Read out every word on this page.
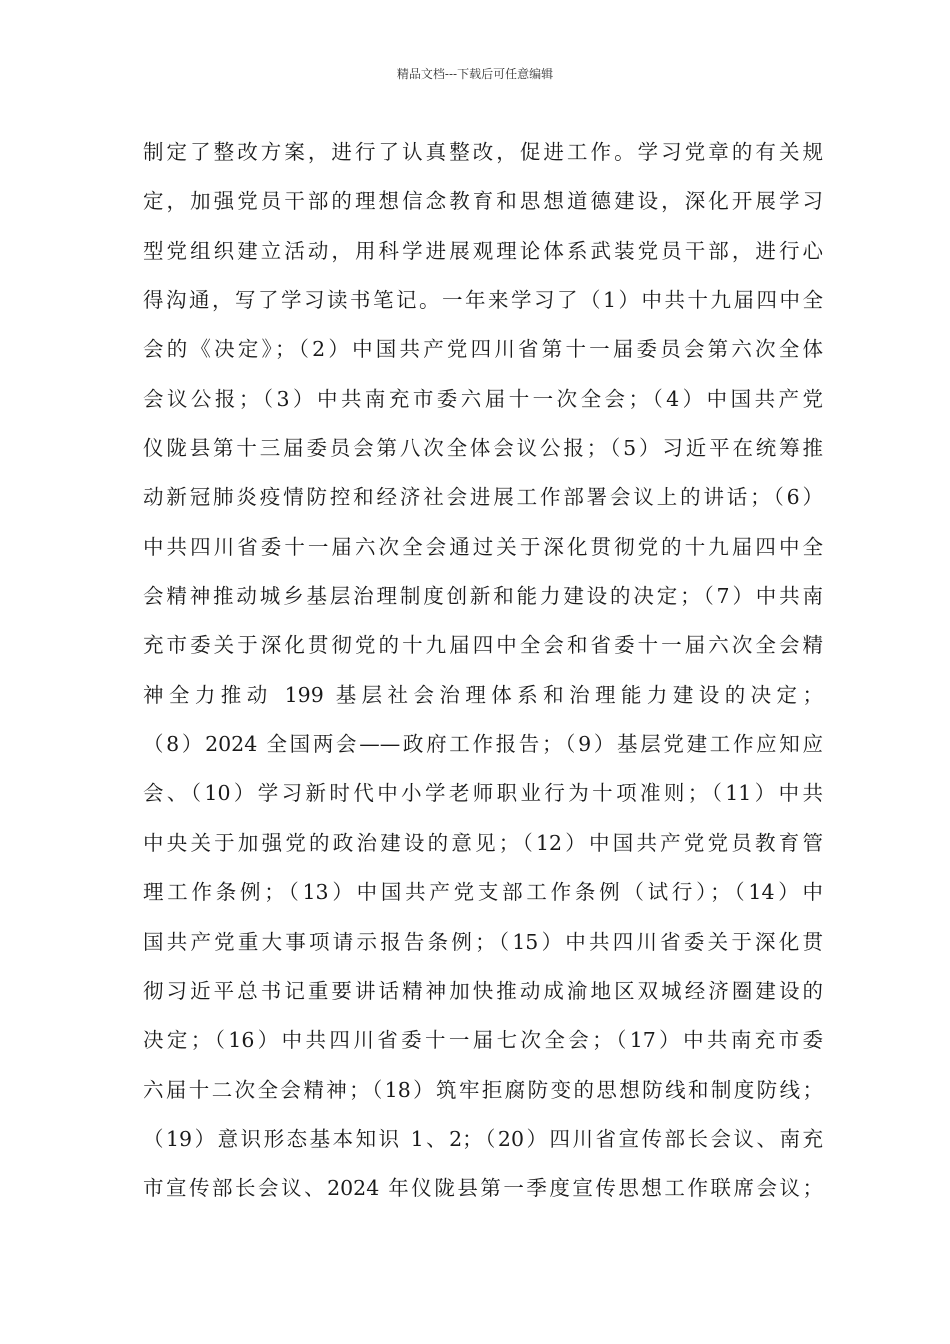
精品文档---下载后可任意编辑
制定了整改方案，进行了认真整改，促进工作。学习党章的有关规
定，加强党员干部的理想信念教育和思想道德建设，深化开展学习
型党组织建立活动，用科学进展观理论体系武装党员干部，进行心
得沟通，写了学习读书笔记。一年来学习了（1）中共十九届四中全
会的《决定》；（2）中国共产党四川省第十一届委员会第六次全体
会议公报；（3）中共南充市委六届十一次全会；（4）中国共产党
仪陇县第十三届委员会第八次全体会议公报；（5）习近平在统筹推
动新冠肺炎疫情防控和经济社会进展工作部署会议上的讲话；（6）
中共四川省委十一届六次全会通过关于深化贯彻党的十九届四中全
会精神推动城乡基层治理制度创新和能力建设的决定；（7）中共南
充市委关于深化贯彻党的十九届四中全会和省委十一届六次全会精
神全力推动 199 基层社会治理体系和治理能力建设的决定；
（8）2024 全国两会——政府工作报告；（9）基层党建工作应知应
会、（10）学习新时代中小学老师职业行为十项准则；（11）中共
中央关于加强党的政治建设的意见；（12）中国共产党党员教育管
理工作条例；（13）中国共产党支部工作条例（试行）；（14）中
国共产党重大事项请示报告条例；（15）中共四川省委关于深化贯
彻习近平总书记重要讲话精神加快推动成渝地区双城经济圈建设的
决定；（16）中共四川省委十一届七次全会；（17）中共南充市委
六届十二次全会精神；（18）筑牢拒腐防变的思想防线和制度防线；
（19）意识形态基本知识 1、2；（20）四川省宣传部长会议、南充
市宣传部长会议、2024 年仪陇县第一季度宣传思想工作联席会议；
